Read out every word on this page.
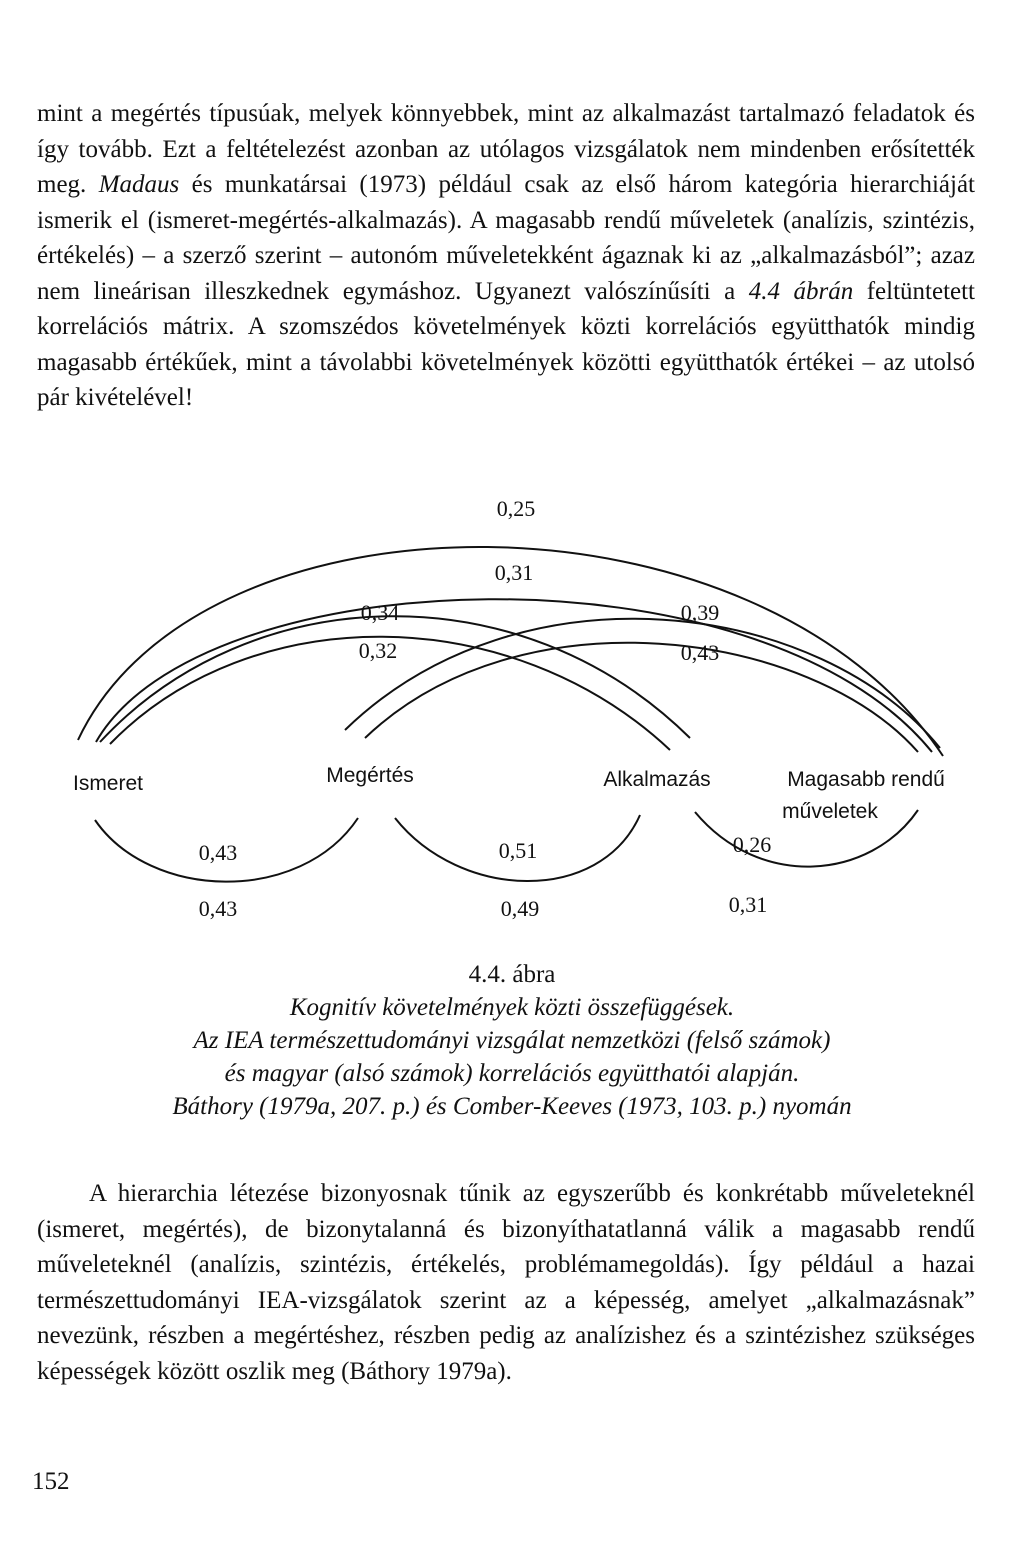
mint a megértés típusúak, melyek könnyebbek, mint az alkalmazást tartalmazó feladatok és így tovább. Ezt a feltételezést azonban az utólagos vizsgálatok nem mindenben erősítették meg. Madaus és munkatársai (1973) például csak az első három kategória hierarchiáját ismerik el (ismeret-megértés-alkalmazás). A magasabb rendű műveletek (analízis, szintézis, értékelés) – a szerző szerint – autonóm műveletekként ágaznak ki az „alkalmazásból”; azaz nem lineárisan illeszkednek egymáshoz. Ugyanezt valószínűsíti a 4.4 ábrán feltüntetett korrelációs mátrix. A szomszédos követelmények közti korrelációs együtthatók mindig magasabb értékűek, mint a távolabbi követelmények közötti együtthatók értékei – az utolsó pár kivételével!

0,25
0,31
0,34
0,32
0,39
0,43
Ismeret	Megértés	Alkalmazás	Magasabb rendű
műveletek
0,43
0,43
0,51
0,49
0,26
0,31
4.4. ábra
Kognitív követelmények közti összefüggések.
Az IEA természettudományi vizsgálat nemzetközi (felső számok)
és magyar (alsó számok) korrelációs együtthatói alapján.
Báthory (1979a, 207. p.) és Comber-Keeves (1973, 103. p.) nyomán

A hierarchia létezése bizonyosnak tűnik az egyszerűbb és konkrétabb műveleteknél (ismeret, megértés), de bizonytalanná és bizonyíthatatlanná válik a magasabb rendű műveleteknél (analízis, szintézis, értékelés, problémamegoldás). Így például a hazai természettudományi IEA-vizsgálatok szerint az a képesség, amelyet „alkalmazásnak” nevezünk, részben a megértéshez, részben pedig az analízishez és a szintézishez szükséges képességek között oszlik meg (Báthory 1979a).

152
